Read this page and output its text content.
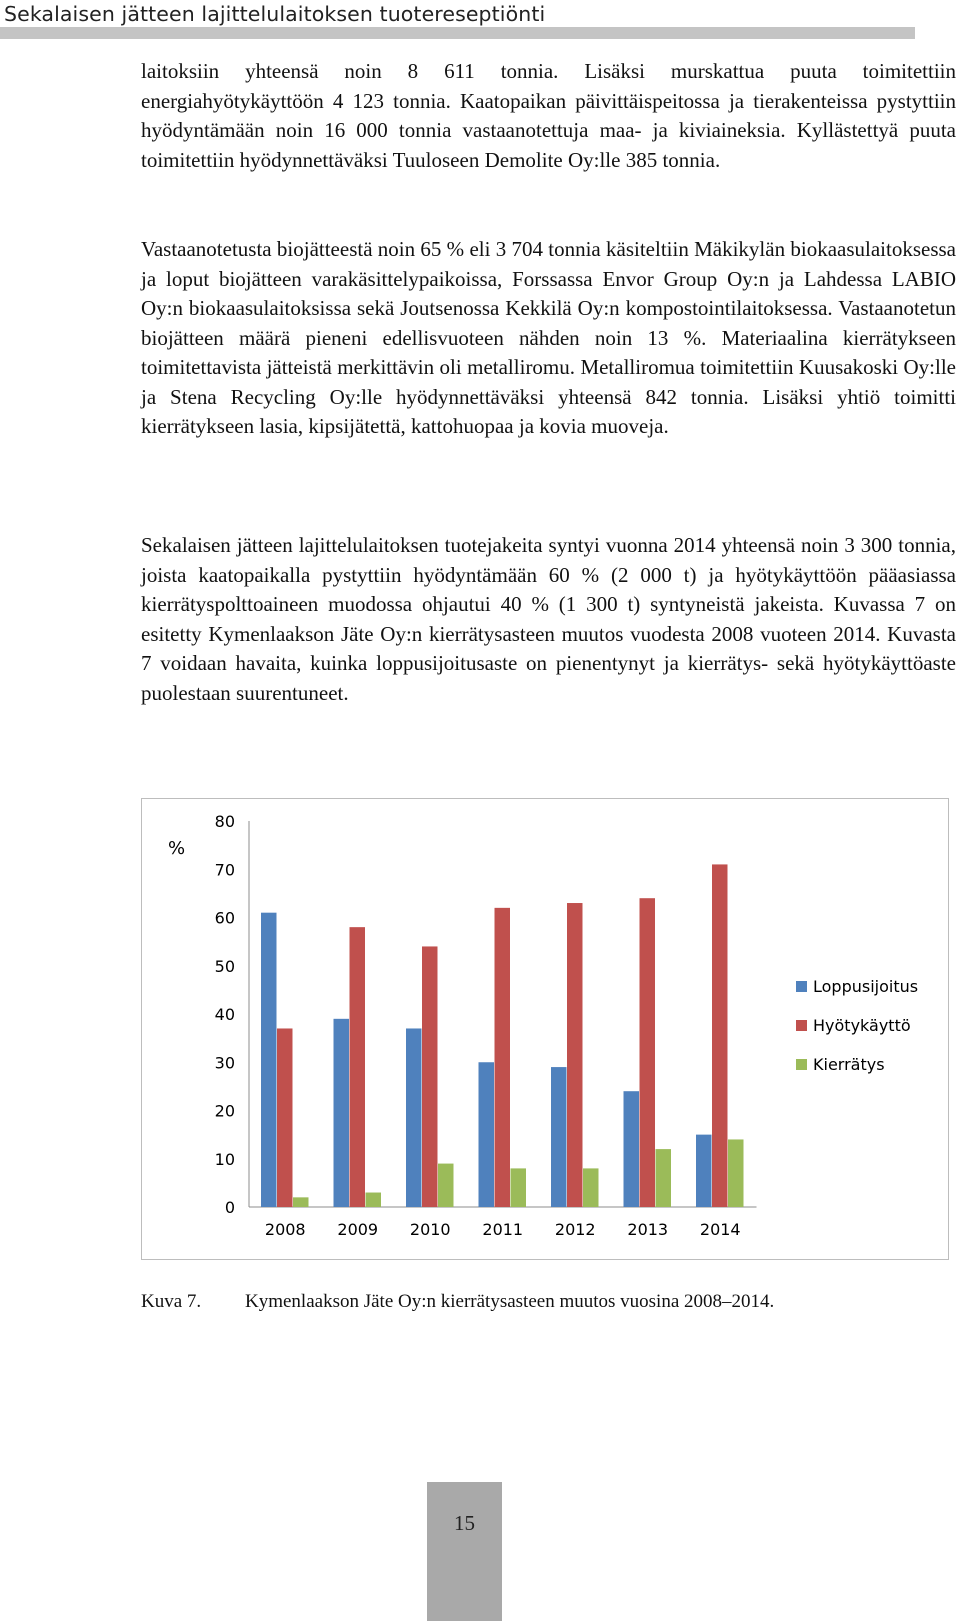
Sekalaisen jätteen lajittelulaitoksen tuotereseptiönti

laitoksiin yhteensä noin 8 611 tonnia. Lisäksi murskattua puuta toimitettiin energiahyötykäyttöön 4 123 tonnia. Kaatopaikan päivittäispeitossa ja tierakenteissa pystyttiin hyödyntämään noin 16 000 tonnia vastaanotettuja maa- ja kiviaineksia. Kyllästettyä puuta toimitettiin hyödynnettäväksi Tuuloseen Demolite Oy:lle 385 tonnia.

Vastaanotetusta biojätteestä noin 65 % eli 3 704 tonnia käsiteltiin Mäkikylän biokaasulaitoksessa ja loput biojätteen varakäsittelypaikoissa, Forssassa Envor Group Oy:n ja Lahdessa LABIO Oy:n biokaasulaitoksissa sekä Joutsenossa Kekkilä Oy:n kompostointilaitoksessa. Vastaanotetun biojätteen määrä pieneni edellisvuoteen nähden noin 13 %. Materiaalina kierrätykseen toimitettavista jätteistä merkittävin oli metalliromu. Metalliromua toimitettiin Kuusakoski Oy:lle ja Stena Recycling Oy:lle hyödynnettäväksi yhteensä 842 tonnia. Lisäksi yhtiö toimitti kierrätykseen lasia, kipsijätettä, kattohuopaa ja kovia muoveja.

Sekalaisen jätteen lajittelulaitoksen tuotejakeita syntyi vuonna 2014 yhteensä noin 3 300 tonnia, joista kaatopaikalla pystyttiin hyödyntämään 60 % (2 000 t) ja hyötykäyttöön pääasiassa kierrätyspolttoaineen muodossa ohjautui 40 % (1 300 t) syntyneistä jakeista. Kuvassa 7 on esitetty Kymenlaakson Jäte Oy:n kierrätysasteen muutos vuodesta 2008 vuoteen 2014. Kuvasta 7 voidaan havaita, kuinka loppusijoitusaste on pienentynyt ja kierrätys- sekä hyötykäyttöaste puolestaan suurentuneet.

%
0
10
20
30
40
50
60
70
80
2008 2009 2010 2011 2012 2013 2014
Loppusijoitus
Hyötykäyttö
Kierrätys
Kuva 7. Kymenlaakson Jäte Oy:n kierrätysasteen muutos vuosina 2008–2014.
15
